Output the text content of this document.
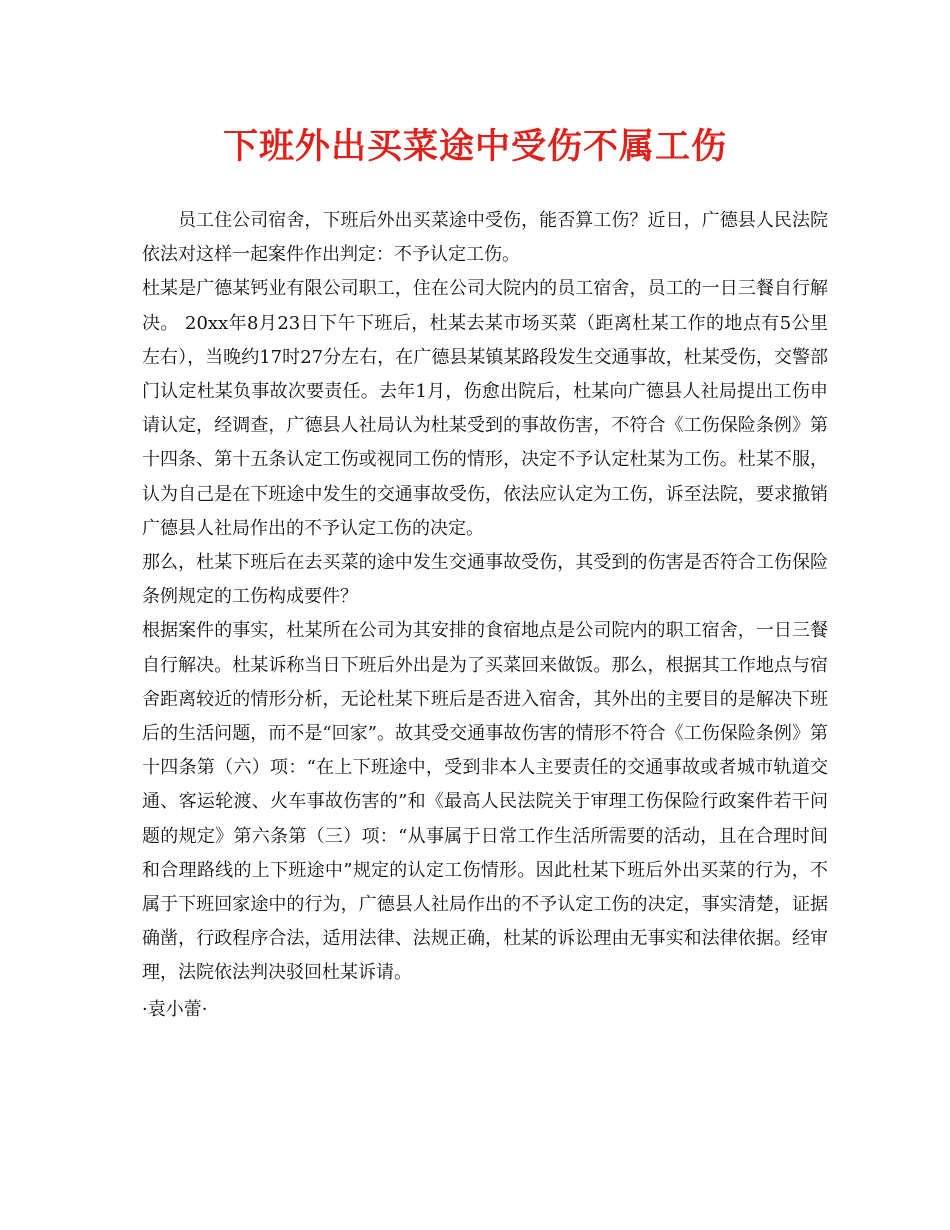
下班外出买菜途中受伤不属工伤

员工住公司宿舍，下班后外出买菜途中受伤，能否算工伤？近日，广德县人民法院依法对这样一起案件作出判定：不予认定工伤。

杜某是广德某钙业有限公司职工，住在公司大院内的员工宿舍，员工的一日三餐自行解决。 20xx年8月23日下午下班后，杜某去某市场买菜（距离杜某工作的地点有5公里左右），当晚约17时27分左右，在广德县某镇某路段发生交通事故，杜某受伤，交警部门认定杜某负事故次要责任。去年1月，伤愈出院后，杜某向广德县人社局提出工伤申请认定，经调查，广德县人社局认为杜某受到的事故伤害，不符合《工伤保险条例》第十四条、第十五条认定工伤或视同工伤的情形，决定不予认定杜某为工伤。杜某不服，认为自己是在下班途中发生的交通事故受伤，依法应认定为工伤，诉至法院，要求撤销广德县人社局作出的不予认定工伤的决定。

那么，杜某下班后在去买菜的途中发生交通事故受伤，其受到的伤害是否符合工伤保险条例规定的工伤构成要件？

根据案件的事实，杜某所在公司为其安排的食宿地点是公司院内的职工宿舍，一日三餐自行解决。杜某诉称当日下班后外出是为了买菜回来做饭。那么，根据其工作地点与宿舍距离较近的情形分析，无论杜某下班后是否进入宿舍，其外出的主要目的是解决下班后的生活问题，而不是“回家”。故其受交通事故伤害的情形不符合《工伤保险条例》第十四条第（六）项：“在上下班途中，受到非本人主要责任的交通事故或者城市轨道交通、客运轮渡、火车事故伤害的”和《最高人民法院关于审理工伤保险行政案件若干问题的规定》第六条第（三）项：“从事属于日常工作生活所需要的活动，且在合理时间和合理路线的上下班途中”规定的认定工伤情形。因此杜某下班后外出买菜的行为，不属于下班回家途中的行为，广德县人社局作出的不予认定工伤的决定，事实清楚，证据确凿，行政程序合法，适用法律、法规正确，杜某的诉讼理由无事实和法律依据。经审理，法院依法判决驳回杜某诉请。

·袁小蕾·
